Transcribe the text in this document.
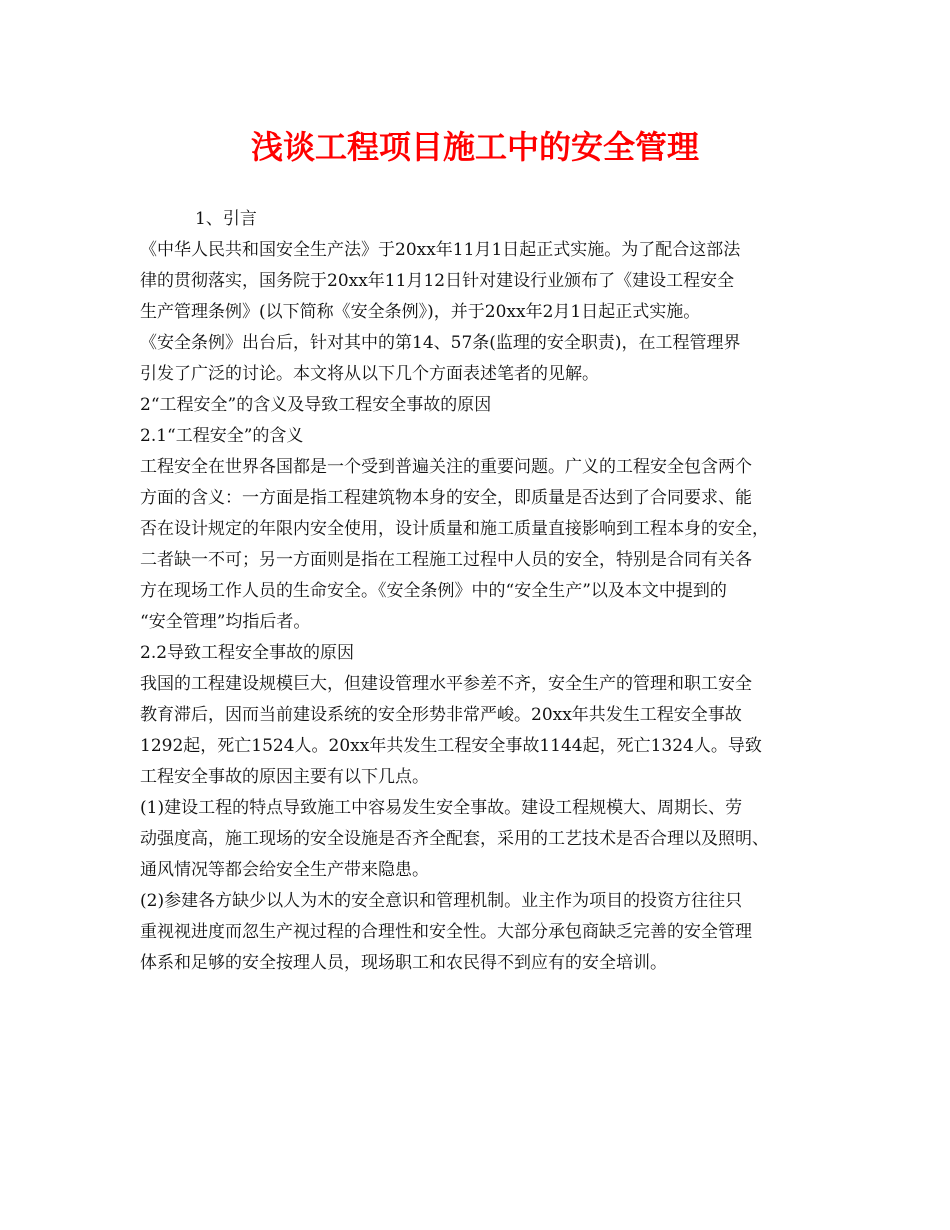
浅谈工程项目施工中的安全管理
1、引言
《中华人民共和国安全生产法》于20xx年11月1日起正式实施。为了配合这部法
律的贯彻落实，国务院于20xx年11月12日针对建设行业颁布了《建设工程安全
生产管理条例》(以下简称《安全条例》)，并于20xx年2月1日起正式实施。
《安全条例》出台后，针对其中的第14、57条(监理的安全职责)，在工程管理界
引发了广泛的讨论。本文将从以下几个方面表述笔者的见解。
2“工程安全”的含义及导致工程安全事故的原因
2.1“工程安全”的含义
工程安全在世界各国都是一个受到普遍关注的重要问题。广义的工程安全包含两个
方面的含义：一方面是指工程建筑物本身的安全，即质量是否达到了合同要求、能
否在设计规定的年限内安全使用，设计质量和施工质量直接影响到工程本身的安全，
二者缺一不可；另一方面则是指在工程施工过程中人员的安全，特别是合同有关各
方在现场工作人员的生命安全。《安全条例》中的“安全生产”以及本文中提到的
“安全管理”均指后者。
2.2导致工程安全事故的原因
我国的工程建设规模巨大，但建设管理水平参差不齐，安全生产的管理和职工安全
教育滞后，因而当前建设系统的安全形势非常严峻。20xx年共发生工程安全事故
1292起，死亡1524人。20xx年共发生工程安全事故1144起，死亡1324人。导致
工程安全事故的原因主要有以下几点。
(1)建设工程的特点导致施工中容易发生安全事故。建设工程规模大、周期长、劳
动强度高，施工现场的安全设施是否齐全配套，采用的工艺技术是否合理以及照明、
通风情况等都会给安全生产带来隐患。
(2)参建各方缺少以人为木的安全意识和管理机制。业主作为项目的投资方往往只
重视视进度而忽生产视过程的合理性和安全性。大部分承包商缺乏完善的安全管理
体系和足够的安全按理人员，现场职工和农民得不到应有的安全培训。
